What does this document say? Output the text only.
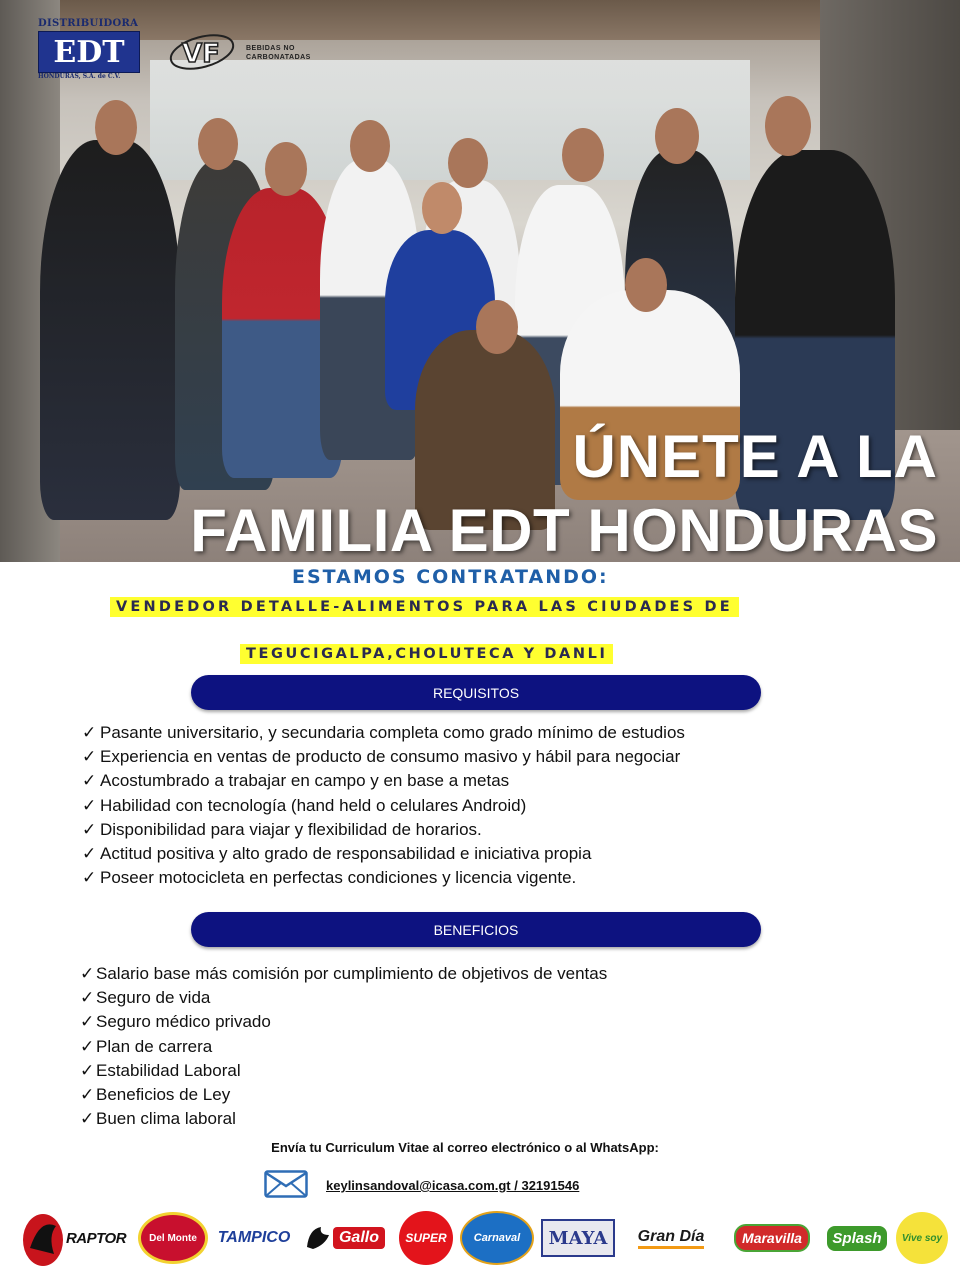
DISTRIBUIDORA
EDT
HONDURAS, S.A. de C.V.
VF	BEBIDAS NO
CARBONATADAS
ÚNETE A LA
FAMILIA EDT HONDURAS
ESTAMOS CONTRATANDO:
VENDEDOR DETALLE-ALIMENTOS PARA LAS CIUDADES DE
TEGUCIGALPA,CHOLUTECA Y DANLI
REQUISITOS
✓ Pasante universitario, y secundaria completa como grado mínimo de estudios
✓ Experiencia en ventas de producto de consumo masivo y hábil para negociar
✓ Acostumbrado a trabajar en campo y en base a metas
✓ Habilidad con tecnología (hand held o celulares Android)
✓ Disponibilidad para viajar y flexibilidad de horarios.
✓ Actitud positiva y alto grado de responsabilidad e iniciativa propia
✓ Poseer motocicleta en perfectas condiciones y licencia vigente.
BENEFICIOS
✓ Salario base más comisión por cumplimiento de objetivos de ventas
✓ Seguro de vida
✓ Seguro médico privado
✓ Plan de carrera
✓ Estabilidad Laboral
✓ Beneficios de Ley
✓ Buen clima laboral
Envía tu Curriculum Vitae al correo electrónico o al WhatsApp:
keylinsandoval@icasa.com.gt / 32191546
RAPTOR Del Monte TAMPICO	Gallo	SUPER Carnaval MAYA Gran Día	Maravilla	Splash	Vive soy
